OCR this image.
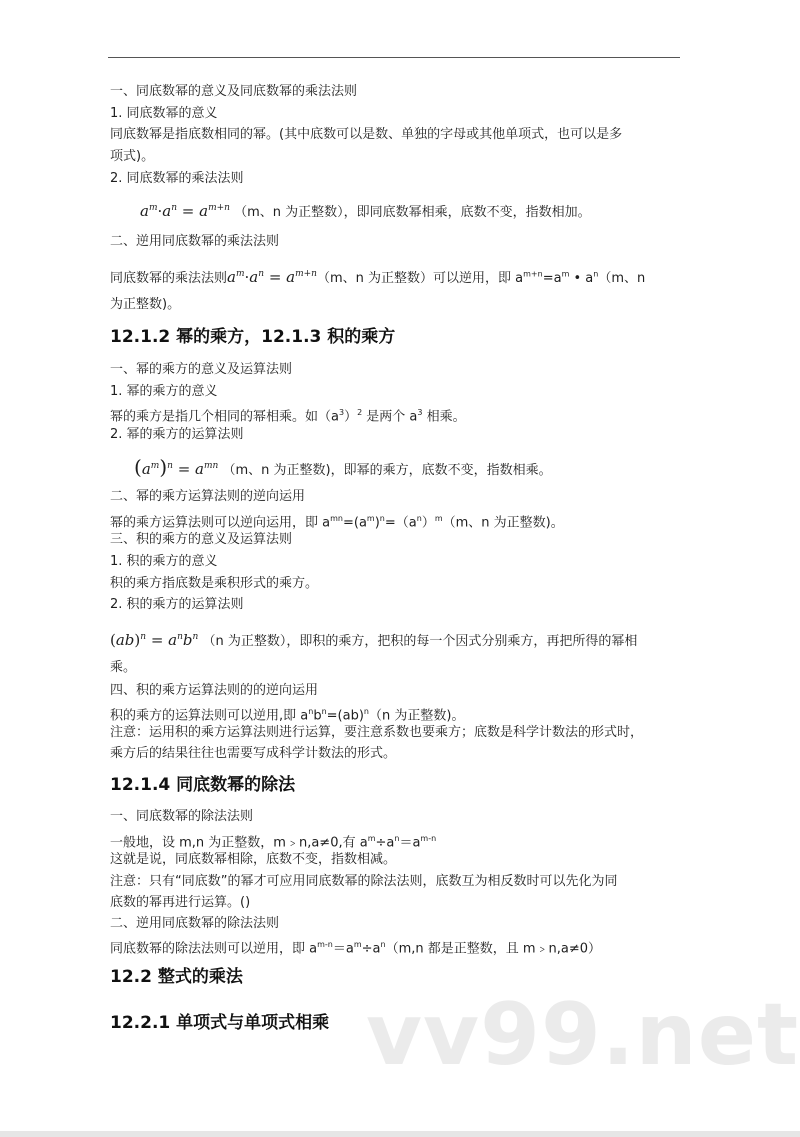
一、同底数幂的意义及同底数幂的乘法法则
1. 同底数幂的意义
同底数幂是指底数相同的幂。(其中底数可以是数、单独的字母或其他单项式，也可以是多
项式)。
2. 同底数幂的乘法法则
$a^m\cdot a^n = a^{m+n}$ （m、n 为正整数），即同底数幂相乘，底数不变，指数相加。
二、逆用同底数幂的乘法法则
同底数幂的乘法法则$a^m\cdot a^n = a^{m+n}(m$、n 为正整数）可以逆用，即 $a^{m+n}=a^m$ • $a^n(m$、n
为正整数)。
12.1.2 幂的乘方，12.1.3 积的乘方
一、幂的乘方的意义及运算法则
1. 幂的乘方的意义
幂的乘方是指几个相同的幂相乘。如$(a^3)^2$ 是两个 $a^3$ 相乘。
2. 幂的乘方的运算法则
$(a^m)^n = a^{mn}$ （m、n 为正整数)，即幂的乘方，底数不变，指数相乘。
二、幂的乘方运算法则的逆向运用
幂的乘方运算法则可以逆向运用，即 $a^{mn}=(a^m)^n=(a^n)^m(m$、n 为正整数)。
三、积的乘方的意义及运算法则
1. 积的乘方的意义
积的乘方指底数是乘积形式的乘方。
2. 积的乘方的运算法则
$(ab)^n = a^nb^n$ （n 为正整数），即积的乘方，把积的每一个因式分别乘方，再把所得的幂相
乘。
四、积的乘方运算法则的的逆向运用
积的乘方的运算法则可以逆用,即 $a^nb^n=(ab)^n(n$ 为正整数)。
注意：运用积的乘方运算法则进行运算，要注意系数也要乘方；底数是科学计数法的形式时，
乘方后的结果往往也需要写成科学计数法的形式。
12.1.4 同底数幂的除法
一、同底数幂的除法法则
一般地，设 m,n 为正整数，m﹥n,a≠0,有 $a^m\div a^n=a^{m-n}$
这就是说，同底数幂相除，底数不变，指数相减。
注意：只有“同底数”的幂才可应用同底数幂的除法法则，底数互为相反数时可以先化为同
底数的幂再进行运算。()
二、逆用同底数幂的除法法则
同底数幂的除法法则可以逆用，即 $a^{m-n}=a^m\div a^n(m,n$ 都是正整数，且 m﹥n,a≠0）
12.2 整式的乘法
12.2.1 单项式与单项式相乘 vv99.net
